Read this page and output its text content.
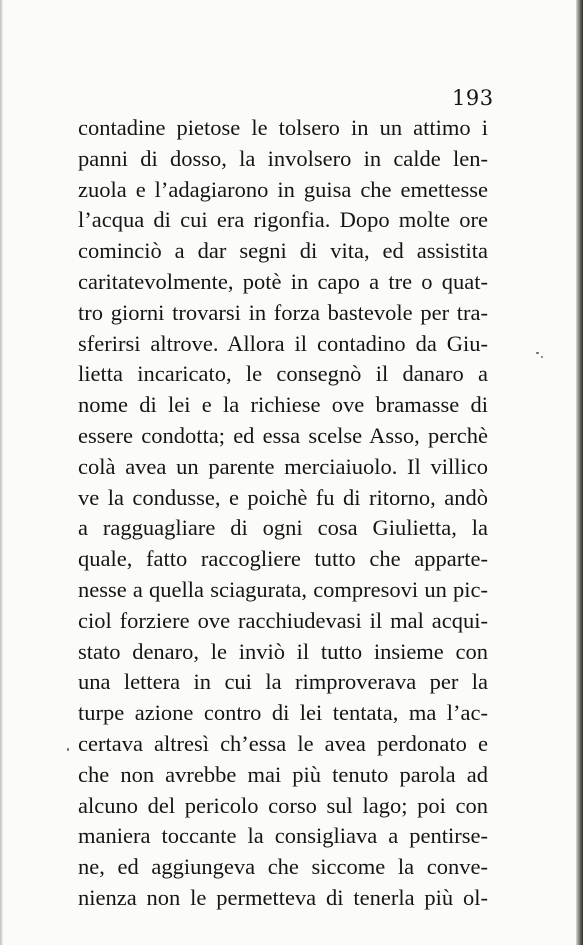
193
contadine pietose le tolsero in un attimo i
panni di dosso, la involsero in calde len-
zuola e l’adagiarono in guisa che emettesse
l’acqua di cui era rigonfia. Dopo molte ore
cominciò a dar segni di vita, ed assistita
caritatevolmente, potè in capo a tre o quat-
tro giorni trovarsi in forza bastevole per tra-
sferirsi altrove. Allora il contadino da Giu-
lietta incaricato, le consegnò il danaro a
nome di lei e la richiese ove bramasse di
essere condotta; ed essa scelse Asso, perchè
colà avea un parente merciaiuolo. Il villico
ve la condusse, e poichè fu di ritorno, andò
a ragguagliare di ogni cosa Giulietta, la
quale, fatto raccogliere tutto che apparte-
nesse a quella sciagurata, compresovi un pic-
ciol forziere ove racchiudevasi il mal acqui-
stato denaro, le inviò il tutto insieme con
una lettera in cui la rimproverava per la
turpe azione contro di lei tentata, ma l’ac-
certava altresì ch’essa le avea perdonato e
che non avrebbe mai più tenuto parola ad
alcuno del pericolo corso sul lago; poi con
maniera toccante la consigliava a pentirse-
ne, ed aggiungeva che siccome la conve-
nienza non le permetteva di tenerla più ol-
